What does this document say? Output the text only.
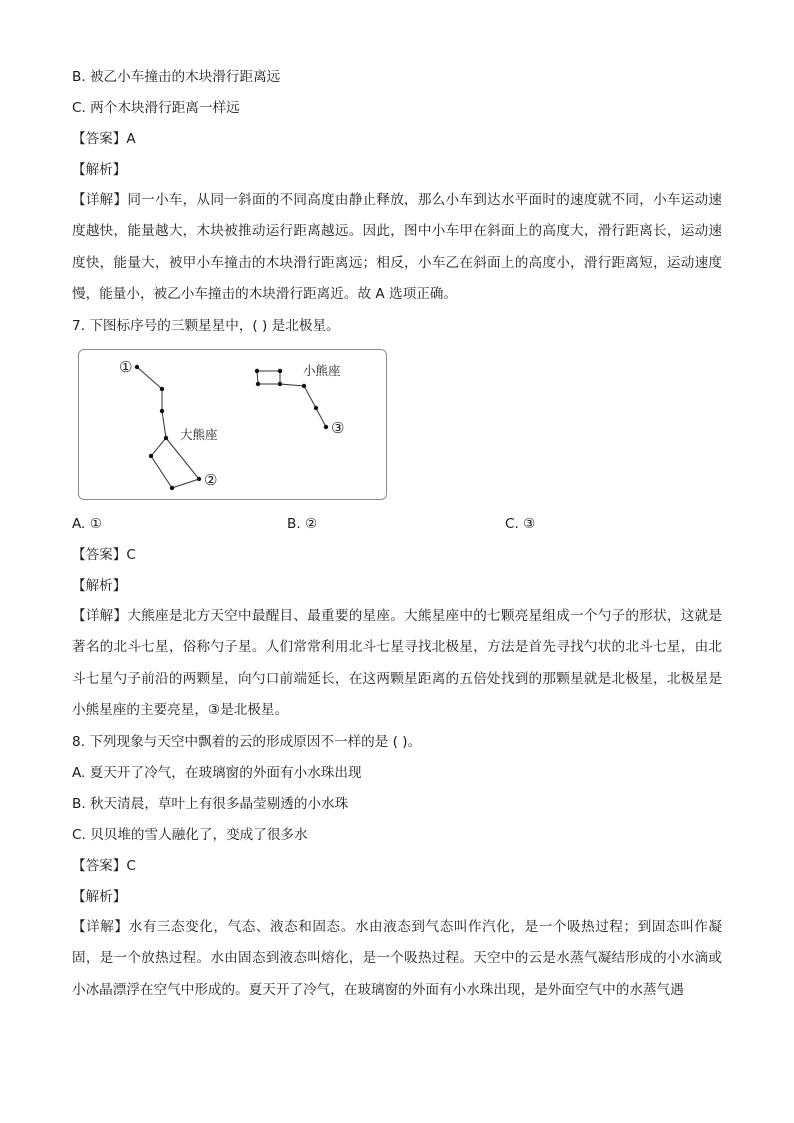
B. 被乙小车撞击的木块滑行距离远
C. 两个木块滑行距离一样远
【答案】A
【解析】
【详解】同一小车，从同一斜面的不同高度由静止释放，那么小车到达水平面时的速度就不同，小车运动速度越快，能量越大，木块被推动运行距离越远。因此，图中小车甲在斜面上的高度大，滑行距离长，运动速度快，能量大，被甲小车撞击的木块滑行距离远；相反，小车乙在斜面上的高度小，滑行距离短，运动速度慢，能量小，被乙小车撞击的木块滑行距离近。故 A 选项正确。
7. 下图标序号的三颗星星中，( ) 是北极星。
大熊座
小熊座
①
②
③
A. ①	B. ②	C. ③
【答案】C
【解析】
【详解】大熊座是北方天空中最醒目、最重要的星座。大熊星座中的七颗亮星组成一个勺子的形状，这就是著名的北斗七星，俗称勺子星。人们常常利用北斗七星寻找北极星，方法是首先寻找勺状的北斗七星，由北斗七星勺子前沿的两颗星，向勺口前端延长，在这两颗星距离的五倍处找到的那颗星就是北极星，北极星是小熊星座的主要亮星，③是北极星。
8. 下列现象与天空中飘着的云的形成原因不一样的是 ( )。
A. 夏天开了冷气，在玻璃窗的外面有小水珠出现
B. 秋天清晨，草叶上有很多晶莹剔透的小水珠
C. 贝贝堆的雪人融化了，变成了很多水
【答案】C
【解析】
【详解】水有三态变化，气态、液态和固态。水由液态到气态叫作汽化，是一个吸热过程；到固态叫作凝固，是一个放热过程。水由固态到液态叫熔化，是一个吸热过程。天空中的云是水蒸气凝结形成的小水滴或小冰晶漂浮在空气中形成的。夏天开了冷气，在玻璃窗的外面有小水珠出现，是外面空气中的水蒸气遇
